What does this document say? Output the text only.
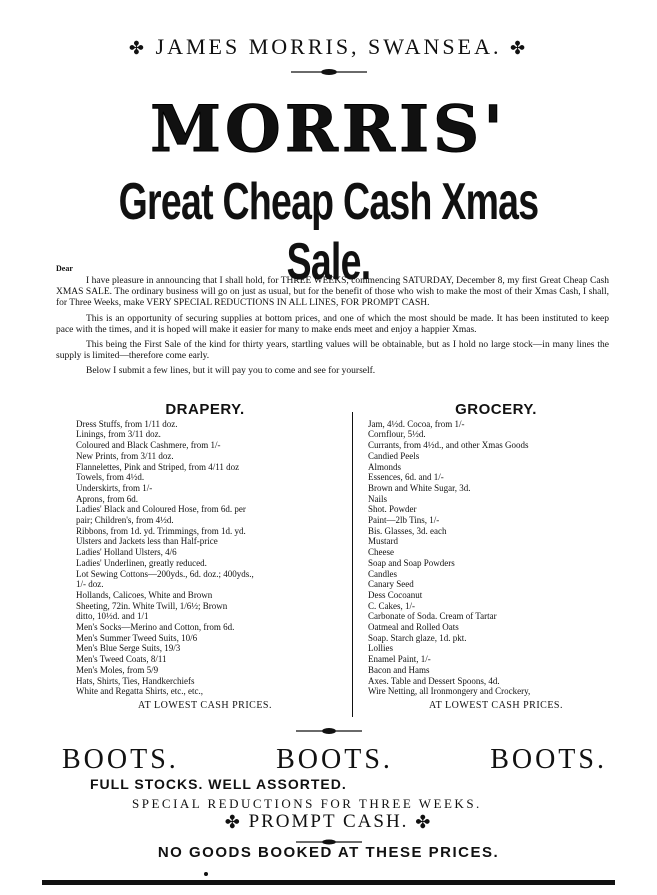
✤ JAMES MORRIS, SWANSEA. ✤
MORRIS'
Great Cheap Cash Xmas Sale.
Dear

I have pleasure in announcing that I shall hold, for THREE WEEKS, commencing SATURDAY, December 8, my first Great Cheap Cash XMAS SALE. The ordinary business will go on just as usual, but for the benefit of those who wish to make the most of their Xmas Cash, I shall, for Three Weeks, make VERY SPECIAL REDUCTIONS IN ALL LINES, FOR PROMPT CASH.

This is an opportunity of securing supplies at bottom prices, and one of which the most should be made. It has been instituted to keep pace with the times, and it is hoped will make it easier for many to make ends meet and enjoy a happier Xmas.

This being the First Sale of the kind for thirty years, startling values will be obtainable, but as I hold no large stock—in many lines the supply is limited—therefore come early.

Below I submit a few lines, but it will pay you to come and see for yourself.

DRAPERY.
Dress Stuffs, from 1/11 doz.
Linings, from 3/11 doz.
Coloured and Black Cashmere, from 1/-
New Prints, from 3/11 doz.
Flannelettes, Pink and Striped, from 4/11 doz
Towels, from 4½d.
Underskirts, from 1/-
Aprons, from 6d.
Ladies' Black and Coloured Hose, from 6d. per
pair; Children's, from 4½d.
Ribbons, from 1d. yd. Trimmings, from 1d. yd.
Ulsters and Jackets less than Half-price
Ladies' Holland Ulsters, 4/6
Ladies' Underlinen, greatly reduced.
Lot Sewing Cottons—200yds., 6d. doz.; 400yds.,
1/- doz.
Hollands, Calicoes, White and Brown
Sheeting, 72in. White Twill, 1/6½; Brown
ditto, 10½d. and 1/1
Men's Socks—Merino and Cotton, from 6d.
Men's Summer Tweed Suits, 10/6
Men's Blue Serge Suits, 19/3
Men's Tweed Coats, 8/11
Men's Moles, from 5/9
Hats, Shirts, Ties, Handkerchiefs
White and Regatta Shirts, etc., etc.,
AT LOWEST CASH PRICES.
GROCERY.
Jam, 4½d. Cocoa, from 1/-
Cornflour, 5½d.
Currants, from 4½d., and other Xmas Goods
Candied Peels
Almonds
Essences, 6d. and 1/-
Brown and White Sugar, 3d.
Nails
Shot. Powder
Paint—2lb Tins, 1/-
Bis. Glasses, 3d. each
Mustard
Cheese
Soap and Soap Powders
Candles
Canary Seed
Dess Cocoanut
C. Cakes, 1/-
Carbonate of Soda. Cream of Tartar
Oatmeal and Rolled Oats
Soap. Starch glaze, 1d. pkt.
Lollies
Enamel Paint, 1/-
Bacon and Hams
Axes. Table and Dessert Spoons, 4d.
Wire Netting, all Ironmongery and Crockery,
AT LOWEST CASH PRICES.
BOOTS.	BOOTS.	BOOTS.
FULL STOCKS. WELL ASSORTED.
SPECIAL REDUCTIONS FOR THREE WEEKS.
✤ PROMPT CASH. ✤
NO GOODS BOOKED AT THESE PRICES.
